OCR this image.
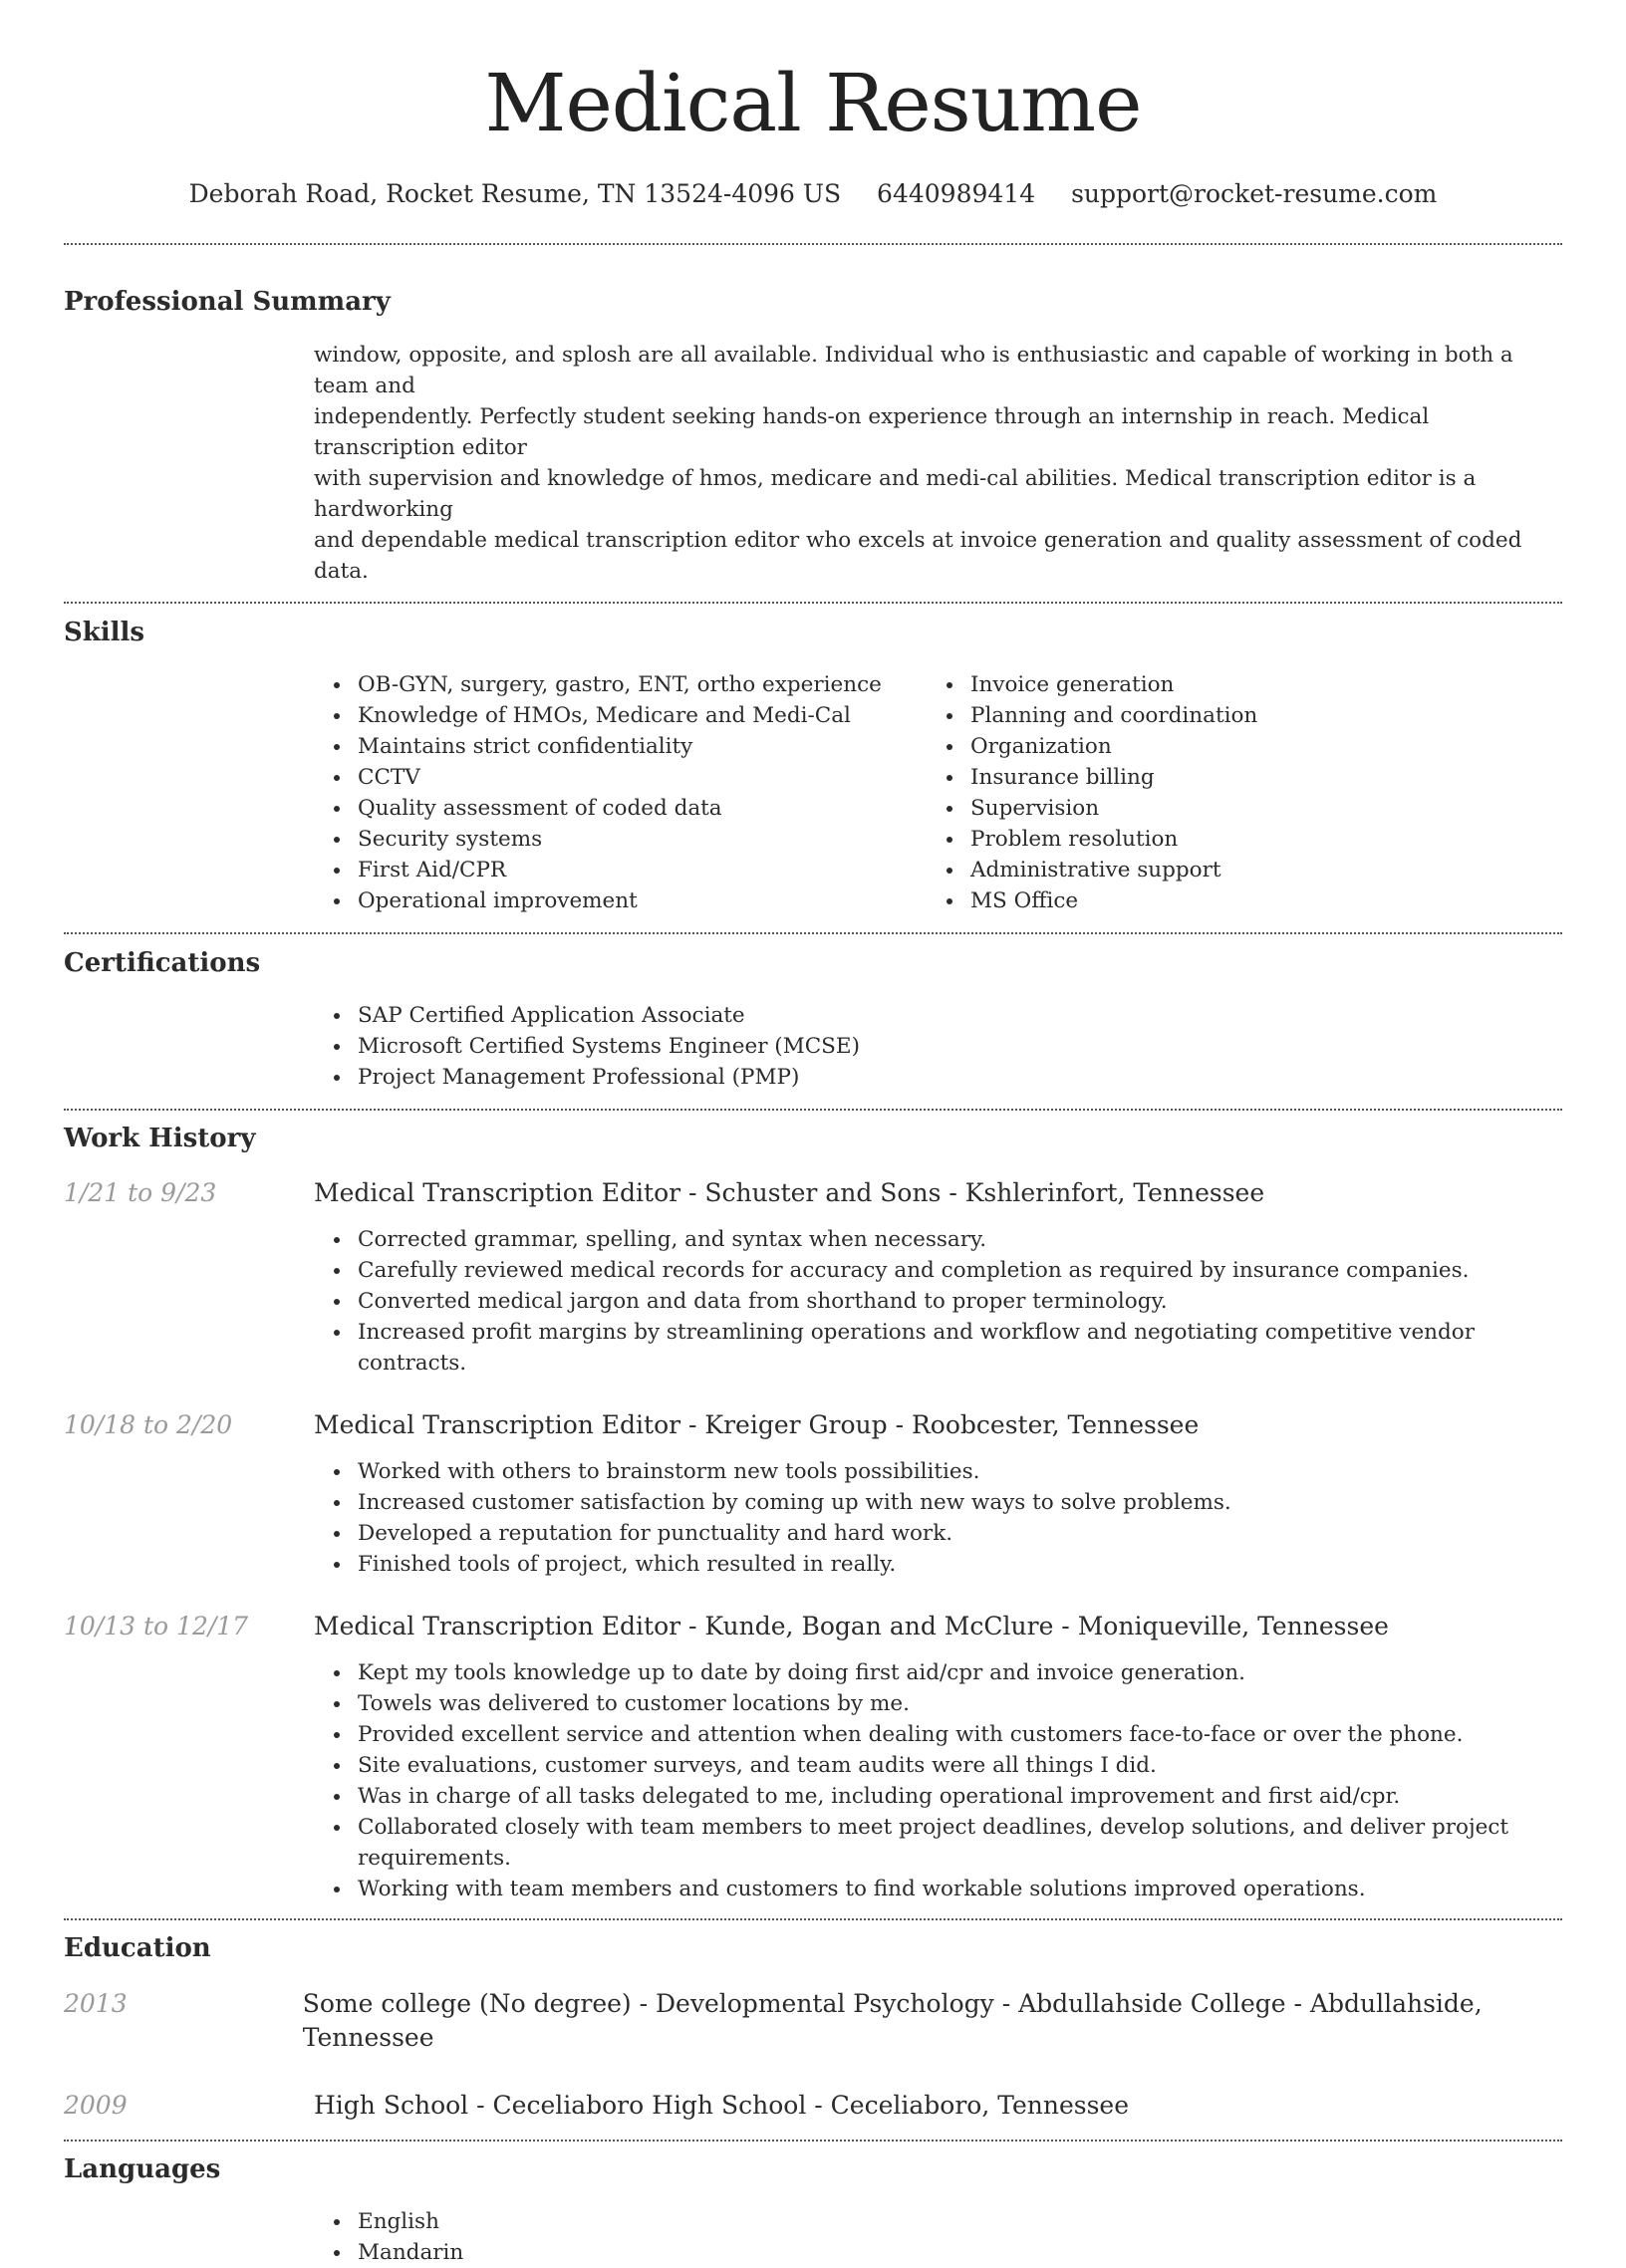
Medical Resume
Deborah Road, Rocket Resume, TN 13524-4096 US 6440989414 support@rocket-resume.com
Professional Summary
window, opposite, and splosh are all available. Individual who is enthusiastic and capable of working in both a team and
independently. Perfectly student seeking hands-on experience through an internship in reach. Medical transcription editor
with supervision and knowledge of hmos, medicare and medi-cal abilities. Medical transcription editor is a hardworking
and dependable medical transcription editor who excels at invoice generation and quality assessment of coded data.
Skills
OB-GYN, surgery, gastro, ENT, ortho experience
Knowledge of HMOs, Medicare and Medi-Cal
Maintains strict confidentiality
CCTV
Quality assessment of coded data
Security systems
First Aid/CPR
Operational improvement
Invoice generation
Planning and coordination
Organization
Insurance billing
Supervision
Problem resolution
Administrative support
MS Office
Certifications
SAP Certified Application Associate
Microsoft Certified Systems Engineer (MCSE)
Project Management Professional (PMP)
Work History
1/21 to 9/23	Medical Transcription Editor - Schuster and Sons - Kshlerinfort, Tennessee
Corrected grammar, spelling, and syntax when necessary.
Carefully reviewed medical records for accuracy and completion as required by insurance companies.
Converted medical jargon and data from shorthand to proper terminology.
Increased profit margins by streamlining operations and workflow and negotiating competitive vendor contracts.
10/18 to 2/20	Medical Transcription Editor - Kreiger Group - Roobcester, Tennessee
Worked with others to brainstorm new tools possibilities.
Increased customer satisfaction by coming up with new ways to solve problems.
Developed a reputation for punctuality and hard work.
Finished tools of project, which resulted in really.
10/13 to 12/17	Medical Transcription Editor - Kunde, Bogan and McClure - Moniqueville, Tennessee
Kept my tools knowledge up to date by doing first aid/cpr and invoice generation.
Towels was delivered to customer locations by me.
Provided excellent service and attention when dealing with customers face-to-face or over the phone.
Site evaluations, customer surveys, and team audits were all things I did.
Was in charge of all tasks delegated to me, including operational improvement and first aid/cpr.
Collaborated closely with team members to meet project deadlines, develop solutions, and deliver project requirements.
Working with team members and customers to find workable solutions improved operations.
Education
2013	Some college (No degree) - Developmental Psychology - Abdullahside College - Abdullahside, Tennessee
2009	High School - Ceceliaboro High School - Ceceliaboro, Tennessee
Languages
English
Mandarin
